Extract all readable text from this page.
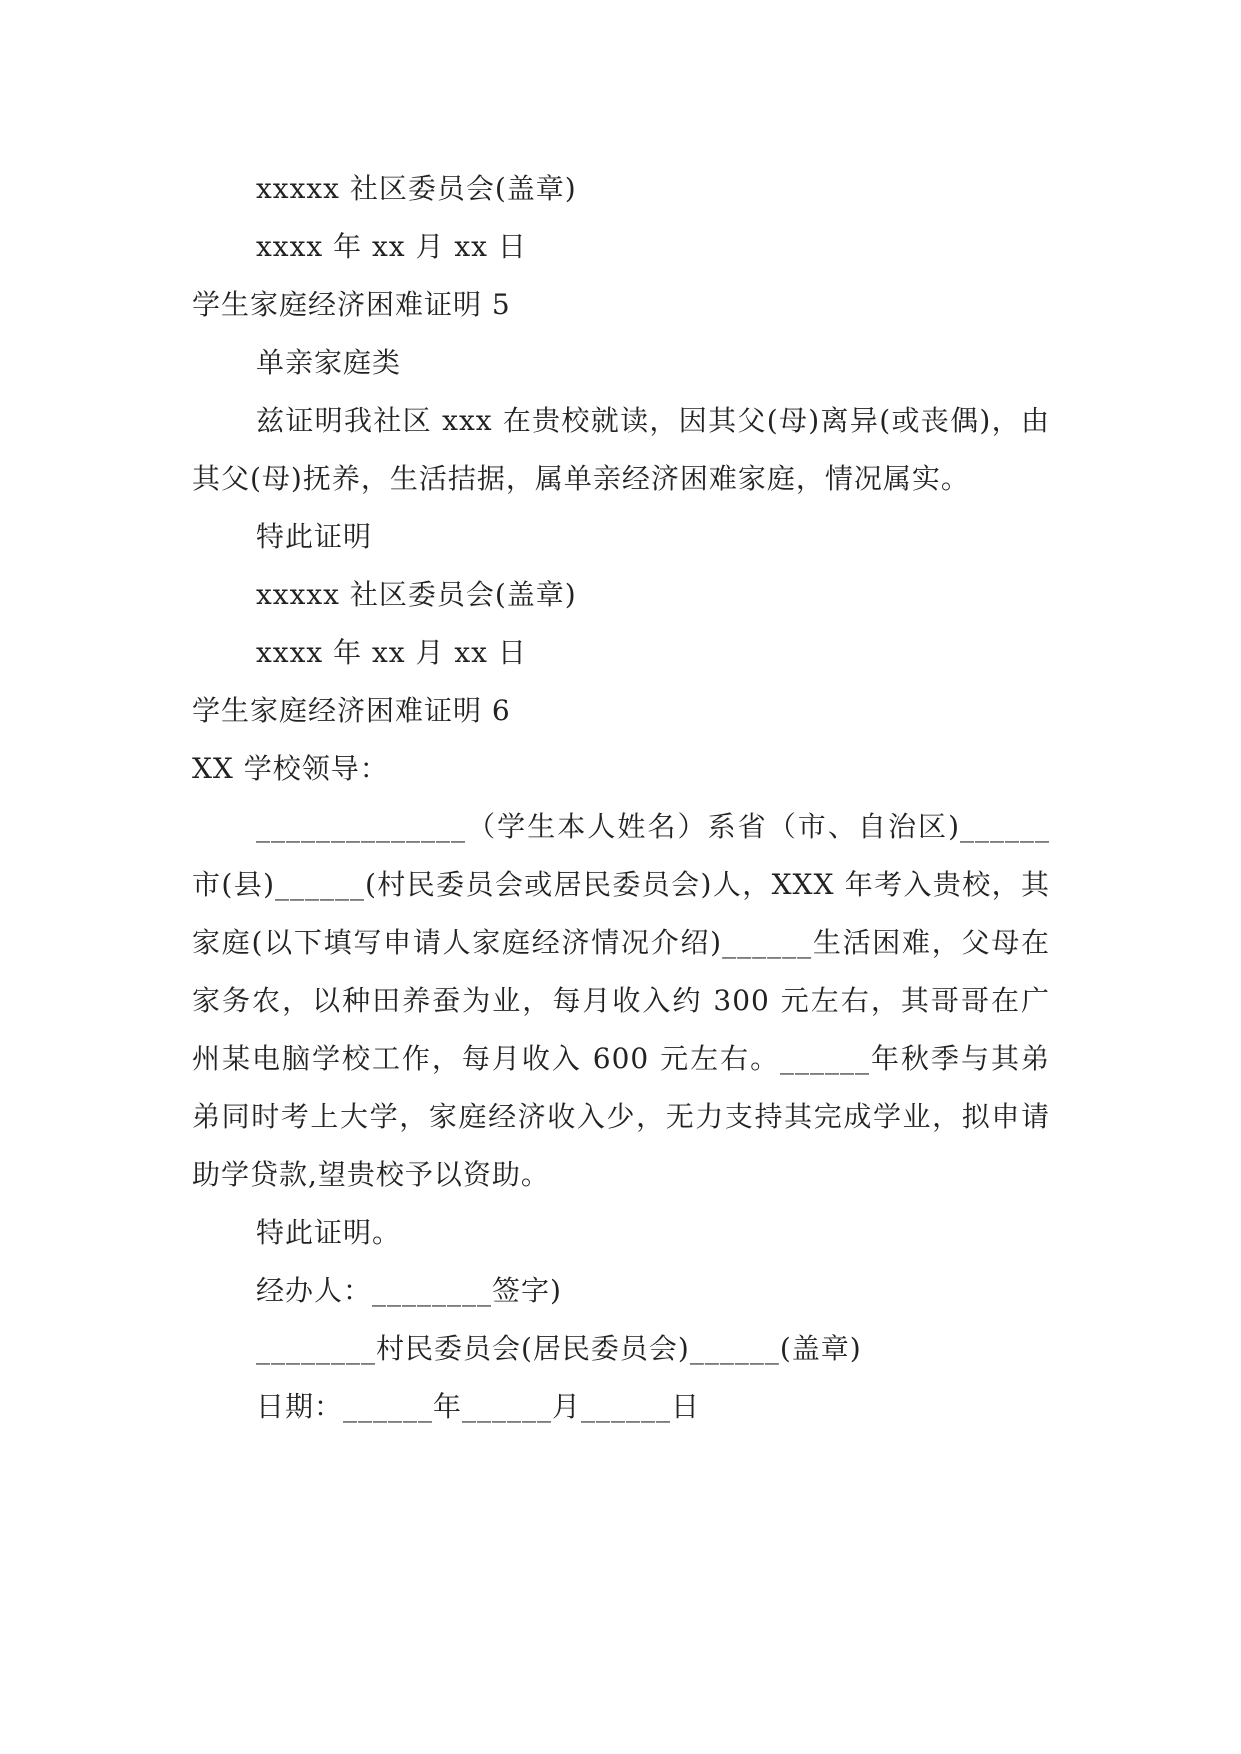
xxxxx 社区委员会(盖章)
xxxx 年 xx 月 xx 日
学生家庭经济困难证明 5
单亲家庭类

兹证明我社区 xxx 在贵校就读，因其父(母)离异(或丧偶)，由其父(母)抚养，生活拮据，属单亲经济困难家庭，情况属实。

特此证明
xxxxx 社区委员会(盖章)
xxxx 年 xx 月 xx 日
学生家庭经济困难证明 6
XX 学校领导：

______________（学生本人姓名）系省（市、自治区)______市(县)______(村民委员会或居民委员会)人，XXX 年考入贵校，其家庭(以下填写申请人家庭经济情况介绍)______生活困难，父母在家务农，以种田养蚕为业，每月收入约 300 元左右，其哥哥在广州某电脑学校工作，每月收入 600 元左右。______年秋季与其弟弟同时考上大学，家庭经济收入少，无力支持其完成学业，拟申请助学贷款,望贵校予以资助。

特此证明。
经办人：________签字)
________村民委员会(居民委员会)______(盖章)
日期：______年______月______日
